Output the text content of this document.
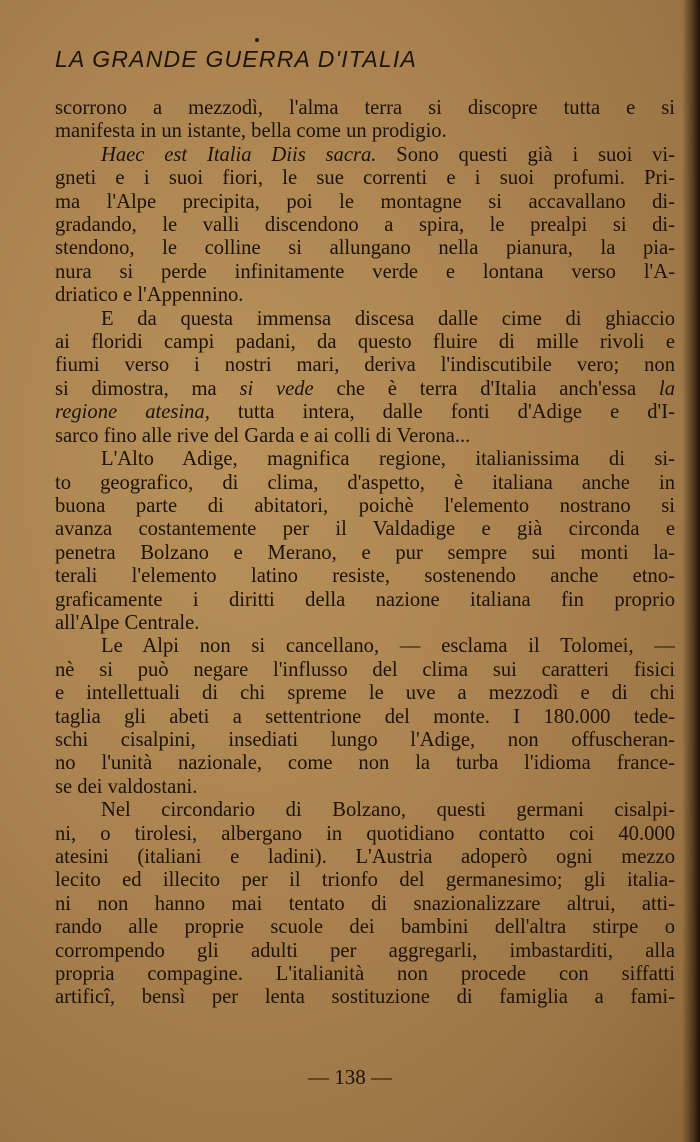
LA GRANDE GUERRA D'ITALIA
scorrono a mezzodì, l'alma terra si discopre tutta e si
manifesta in un istante, bella come un prodigio.
Haec est Italia Diis sacra. Sono questi già i suoi vi-
gneti e i suoi fiori, le sue correnti e i suoi profumi. Pri-
ma l'Alpe precipita, poi le montagne si accavallano di-
gradando, le valli discendono a spira, le prealpi si di-
stendono, le colline si allungano nella pianura, la pia-
nura si perde infinitamente verde e lontana verso l'A-
driatico e l'Appennino.
E da questa immensa discesa dalle cime di ghiaccio
ai floridi campi padani, da questo fluire di mille rivoli e
fiumi verso i nostri mari, deriva l'indiscutibile vero; non
si dimostra, ma si vede che è terra d'Italia anch'essa la
regione atesina, tutta intera, dalle fonti d'Adige e d'I-
sarco fino alle rive del Garda e ai colli di Verona...
L'Alto Adige, magnifica regione, italianissima di si-
to geografico, di clima, d'aspetto, è italiana anche in
buona parte di abitatori, poichè l'elemento nostrano si
avanza costantemente per il Valdadige e già circonda e
penetra Bolzano e Merano, e pur sempre sui monti la-
terali l'elemento latino resiste, sostenendo anche etno-
graficamente i diritti della nazione italiana fin proprio
all'Alpe Centrale.
Le Alpi non si cancellano, — esclama il Tolomei, —
nè si può negare l'influsso del clima sui caratteri fisici
e intellettuali di chi spreme le uve a mezzodì e di chi
taglia gli abeti a settentrione del monte. I 180.000 tede-
schi cisalpini, insediati lungo l'Adige, non offuscheran-
no l'unità nazionale, come non la turba l'idioma france-
se dei valdostani.
Nel circondario di Bolzano, questi germani cisalpi-
ni, o tirolesi, albergano in quotidiano contatto coi 40.000
atesini (italiani e ladini). L'Austria adoperò ogni mezzo
lecito ed illecito per il trionfo del germanesimo; gli italia-
ni non hanno mai tentato di snazionalizzare altrui, atti-
rando alle proprie scuole dei bambini dell'altra stirpe o
corrompendo gli adulti per aggregarli, imbastarditi, alla
propria compagine. L'italianità non procede con siffatti
artificî, bensì per lenta sostituzione di famiglia a fami-
— 138 —
